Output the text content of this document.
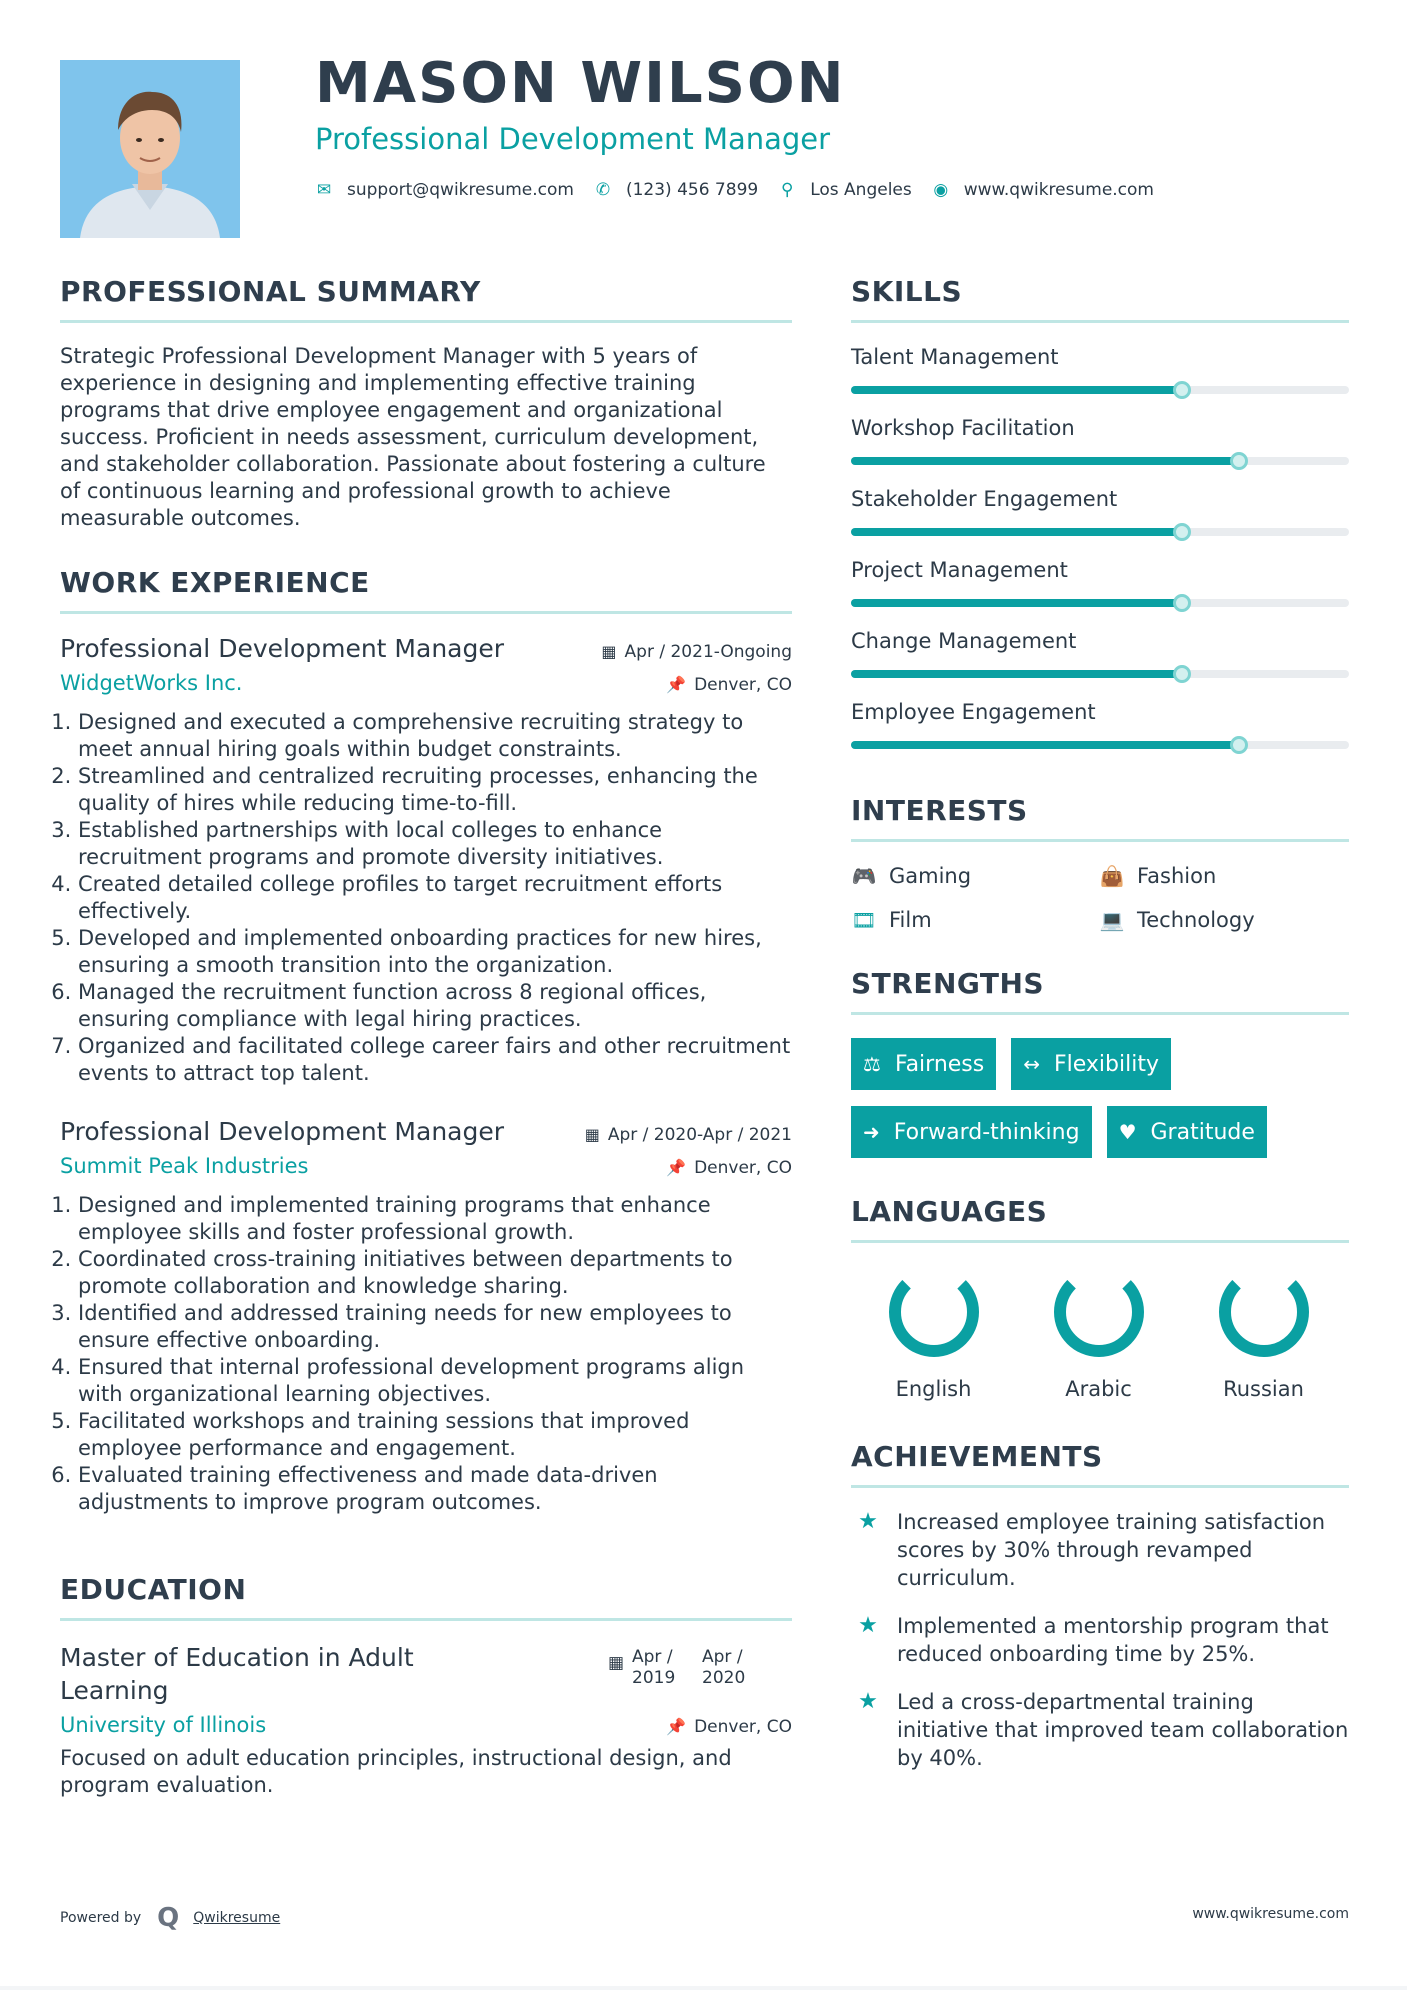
MASON WILSON
Professional Development Manager
✉ support@qwikresume.com ✆ (123) 456 7899 ⚲ Los Angeles ◉ www.qwikresume.com
PROFESSIONAL SUMMARY

Strategic Professional Development Manager with 5 years of experience in designing and implementing effective training programs that drive employee engagement and organizational success. Proficient in needs assessment, curriculum development, and stakeholder collaboration. Passionate about fostering a culture of continuous learning and professional growth to achieve measurable outcomes.

WORK EXPERIENCE
Professional Development Manager	▦ Apr / 2021-Ongoing
WidgetWorks Inc.	📌 Denver, CO
1. Designed and executed a comprehensive recruiting strategy to meet annual hiring goals within budget constraints.
2. Streamlined and centralized recruiting processes, enhancing the quality of hires while reducing time-to-fill.
3. Established partnerships with local colleges to enhance recruitment programs and promote diversity initiatives.
4. Created detailed college profiles to target recruitment efforts effectively.
5. Developed and implemented onboarding practices for new hires, ensuring a smooth transition into the organization.
6. Managed the recruitment function across 8 regional offices, ensuring compliance with legal hiring practices.
7. Organized and facilitated college career fairs and other recruitment events to attract top talent.
Professional Development Manager	▦ Apr / 2020-Apr / 2021
Summit Peak Industries	📌 Denver, CO
1. Designed and implemented training programs that enhance employee skills and foster professional growth.
2. Coordinated cross-training initiatives between departments to promote collaboration and knowledge sharing.
3. Identified and addressed training needs for new employees to ensure effective onboarding.
4. Ensured that internal professional development programs align with organizational learning objectives.
5. Facilitated workshops and training sessions that improved employee performance and engagement.
6. Evaluated training effectiveness and made data-driven adjustments to improve program outcomes.
EDUCATION
Master of Education in Adult Learning
▦ Apr / 2019
Apr / 2020
University of Illinois	📌 Denver, CO

Focused on adult education principles, instructional design, and program evaluation.

SKILLS
Talent Management
Workshop Facilitation
Stakeholder Engagement
Project Management
Change Management
Employee Engagement
INTERESTS
🎮 Gaming	👜 Fashion
🎞 Film	💻 Technology
STRENGTHS
⚖ Fairness ↔ Flexibility
➜ Forward-thinking ♥ Gratitude
LANGUAGES
English	Arabic	Russian
ACHIEVEMENTS
★ Increased employee training satisfaction scores by 30% through revamped curriculum.
★ Implemented a mentorship program that reduced onboarding time by 25%.
★ Led a cross-departmental training initiative that improved team collaboration by 40%.
Powered by Q Qwikresume	www.qwikresume.com
